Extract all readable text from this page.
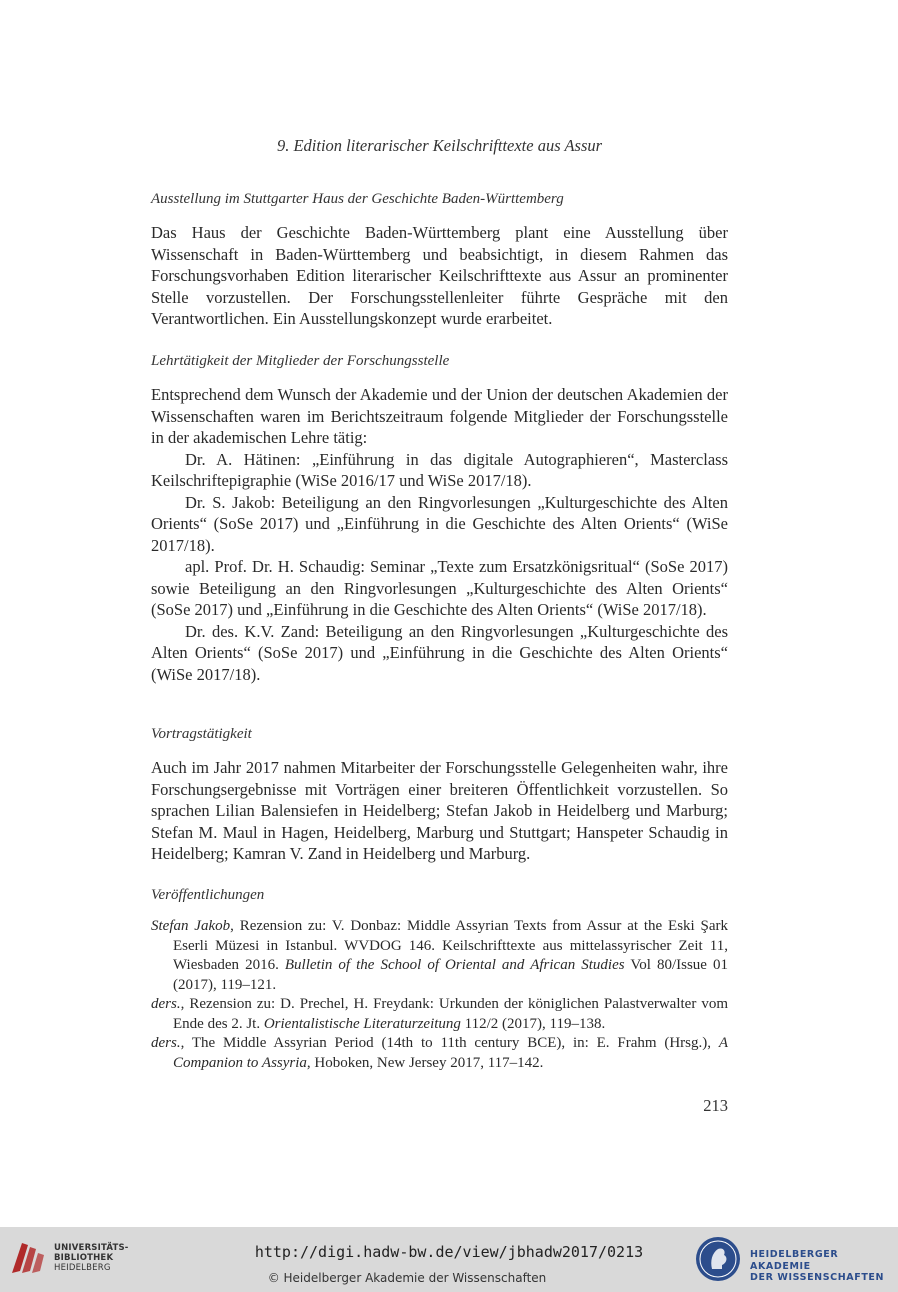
9. Edition literarischer Keilschrifttexte aus Assur
Ausstellung im Stuttgarter Haus der Geschichte Baden-Württemberg

Das Haus der Geschichte Baden-Württemberg plant eine Ausstellung über Wissenschaft in Baden-Württemberg und beabsichtigt, in diesem Rahmen das Forschungsvorhaben Edition literarischer Keilschrifttexte aus Assur an prominenter Stelle vorzustellen. Der Forschungsstellenleiter führte Gespräche mit den Verantwortlichen. Ein Ausstellungskonzept wurde erarbeitet.

Lehrtätigkeit der Mitglieder der Forschungsstelle

Entsprechend dem Wunsch der Akademie und der Union der deutschen Akademien der Wissenschaften waren im Berichtszeitraum folgende Mitglieder der Forschungsstelle in der akademischen Lehre tätig:

Dr. A. Hätinen: „Einführung in das digitale Autographieren“, Masterclass Keilschriftepigraphie (WiSe 2016/17 und WiSe 2017/18).

Dr. S. Jakob: Beteiligung an den Ringvorlesungen „Kulturgeschichte des Alten Orients“ (SoSe 2017) und „Einführung in die Geschichte des Alten Orients“ (WiSe 2017/18).

apl. Prof. Dr. H. Schaudig: Seminar „Texte zum Ersatzkönigsritual“ (SoSe 2017) sowie Beteiligung an den Ringvorlesungen „Kulturgeschichte des Alten Orients“ (SoSe 2017) und „Einführung in die Geschichte des Alten Orients“ (WiSe 2017/18).

Dr. des. K.V. Zand: Beteiligung an den Ringvorlesungen „Kulturgeschichte des Alten Orients“ (SoSe 2017) und „Einführung in die Geschichte des Alten Orients“ (WiSe 2017/18).

Vortragstätigkeit

Auch im Jahr 2017 nahmen Mitarbeiter der Forschungsstelle Gelegenheiten wahr, ihre Forschungsergebnisse mit Vorträgen einer breiteren Öffentlichkeit vorzustellen. So sprachen Lilian Balensiefen in Heidelberg; Stefan Jakob in Heidelberg und Marburg; Stefan M. Maul in Hagen, Heidelberg, Marburg und Stuttgart; Hanspeter Schaudig in Heidelberg; Kamran V. Zand in Heidelberg und Marburg.

Veröffentlichungen
Stefan Jakob, Rezension zu: V. Donbaz: Middle Assyrian Texts from Assur at the Eski Şark Eserli Müzesi in Istanbul. WVDOG 146. Keilschrifttexte aus mittelassyrischer Zeit 11, Wiesbaden 2016. Bulletin of the School of Oriental and African Studies Vol 80/Issue 01 (2017), 119–121.
ders., Rezension zu: D. Prechel, H. Freydank: Urkunden der königlichen Palastverwalter vom Ende des 2. Jt. Orientalistische Literaturzeitung 112/2 (2017), 119–138.
ders., The Middle Assyrian Period (14th to 11th century BCE), in: E. Frahm (Hrsg.), A Companion to Assyria, Hoboken, New Jersey 2017, 117–142.
213
UNIVERSITÄTS-
BIBLIOTHEK
HEIDELBERG
http://digi.hadw-bw.de/view/jbhadw2017/0213
© Heidelberger Akademie der Wissenschaften
HEIDELBERGER AKADEMIE
DER WISSENSCHAFTEN
